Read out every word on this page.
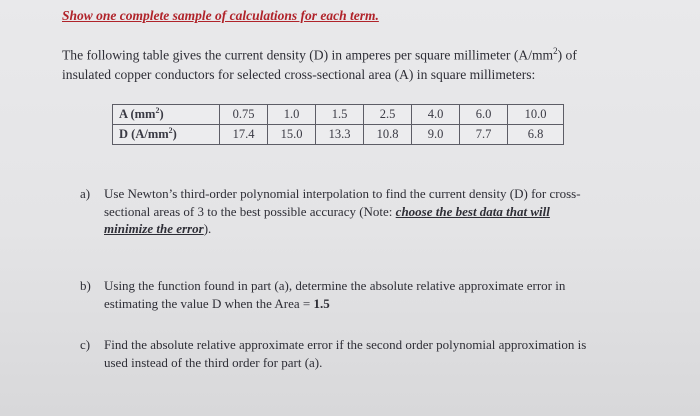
Show one complete sample of calculations for each term.
The following table gives the current density (D) in amperes per square millimeter $(A/mm^2)$ of
insulated copper conductors for selected cross-sectional area (A) in square millimeters:
A $(mm^2)$	0.75	1.0	1.5	2.5	4.0	6.0	10.0
D $(A/mm^2)$	17.4	15.0	13.3	10.8	9.0	7.7	6.8
a) Use Newton’s third-order polynomial interpolation to find the current density (D) for cross-
sectional areas of 3 to the best possible accuracy (Note: choose the best data that will
minimize the error).
b) Using the function found in part (a), determine the absolute relative approximate error in
estimating the value D when the Area = 1.5
c) Find the absolute relative approximate error if the second order polynomial approximation is
used instead of the third order for part (a).
